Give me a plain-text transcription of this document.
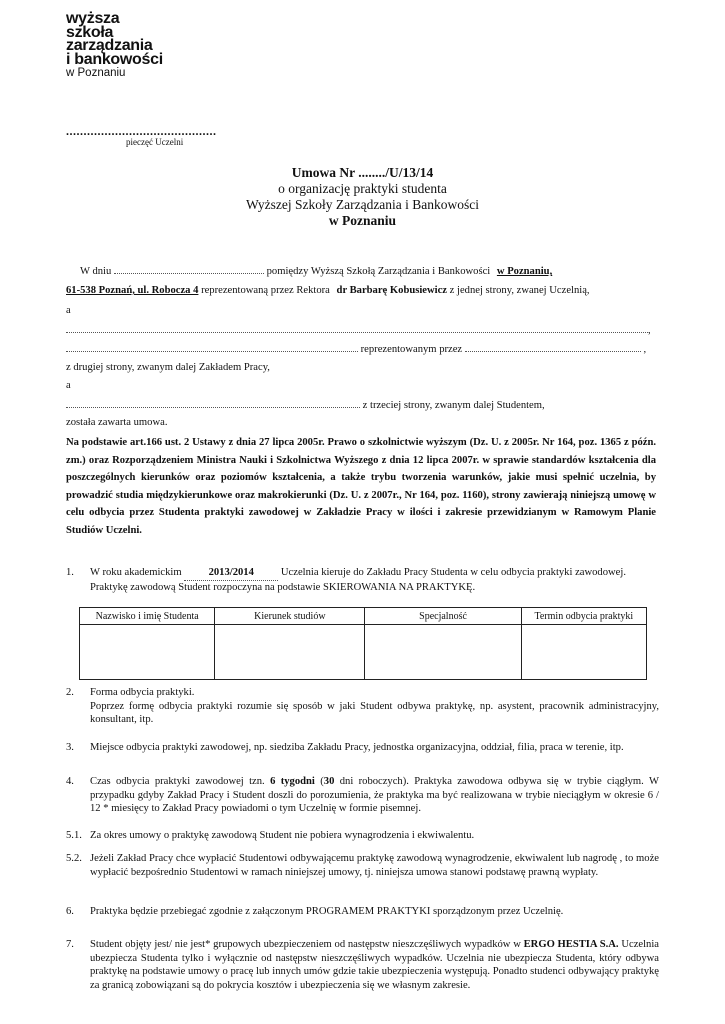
wyższa
szkoła
zarządzania
i bankowości
w Poznaniu
...........................................
pieczęć Uczelni
Umowa Nr ......../U/13/14
o organizację praktyki studenta
Wyższej Szkoły Zarządzania i Bankowości
w Poznaniu
W dniu	pomiędzy Wyższą Szkołą Zarządzania i Bankowości w Poznaniu,
61-538 Poznań, ul. Robocza 4 reprezentowaną przez Rektora dr Barbarę Kobusiewicz z jednej strony, zwanej Uczelnią,
a
,
reprezentowanym przez	,
z drugiej strony, zwanym dalej Zakładem Pracy,
a
z trzeciej strony, zwanym dalej Studentem,
została zawarta umowa.
Na podstawie art.166 ust. 2 Ustawy z dnia 27 lipca 2005r. Prawo o szkolnictwie wyższym (Dz. U. z 2005r. Nr 164, poz. 1365 z późn. zm.) oraz Rozporządzeniem Ministra Nauki i Szkolnictwa Wyższego z dnia 12 lipca 2007r. w sprawie standardów kształcenia dla poszczególnych kierunków oraz poziomów kształcenia, a także trybu tworzenia warunków, jakie musi spełnić uczelnia, by prowadzić studia międzykierunkowe oraz makrokierunki (Dz. U. z 2007r., Nr 164, poz. 1160), strony zawierają niniejszą umowę w celu odbycia przez Studenta praktyki zawodowej w Zakładzie Pracy w ilości i zakresie przewidzianym w Ramowym Planie Studiów Uczelni.
1. W roku akademickim	2013/2014	Uczelnia kieruje do Zakładu Pracy Studenta w celu odbycia praktyki zawodowej.
Praktykę zawodową Student rozpoczyna na podstawie SKIEROWANIA NA PRAKTYKĘ.
Nazwisko i imię Studenta	Kierunek studiów	Specjalność	Termin odbycia praktyki

2. Forma odbycia praktyki.
Poprzez formę odbycia praktyki rozumie się sposób w jaki Student odbywa praktykę, np. asystent, pracownik administracyjny, konsultant, itp.
3. Miejsce odbycia praktyki zawodowej, np. siedziba Zakładu Pracy, jednostka organizacyjna, oddział, filia, praca w terenie, itp.
4. Czas odbycia praktyki zawodowej tzn. 6 tygodni (30 dni roboczych). Praktyka zawodowa odbywa się w trybie ciągłym. W przypadku gdyby Zakład Pracy i Student doszli do porozumienia, że praktyka ma być realizowana w trybie nieciągłym w okresie 6 / 12 * miesięcy to Zakład Pracy powiadomi o tym Uczelnię w formie pisemnej.
5.1. Za okres umowy o praktykę zawodową Student nie pobiera wynagrodzenia i ekwiwalentu.
5.2. Jeżeli Zakład Pracy chce wypłacić Studentowi odbywającemu praktykę zawodową wynagrodzenie, ekwiwalent lub nagrodę , to może wypłacić bezpośrednio Studentowi w ramach niniejszej umowy, tj. niniejsza umowa stanowi podstawę prawną wypłaty.
6. Praktyka będzie przebiegać zgodnie z załączonym PROGRAMEM PRAKTYKI sporządzonym przez Uczelnię.
7. Student objęty jest/ nie jest* grupowych ubezpieczeniem od następstw nieszczęśliwych wypadków w ERGO HESTIA S.A. Uczelnia ubezpiecza Studenta tylko i wyłącznie od następstw nieszczęśliwych wypadków. Uczelnia nie ubezpiecza Studenta, który odbywa praktykę na podstawie umowy o pracę lub innych umów gdzie takie ubezpieczenia występują. Ponadto studenci odbywający praktykę za granicą zobowiązani są do pokrycia kosztów i ubezpieczenia się we własnym zakresie.
